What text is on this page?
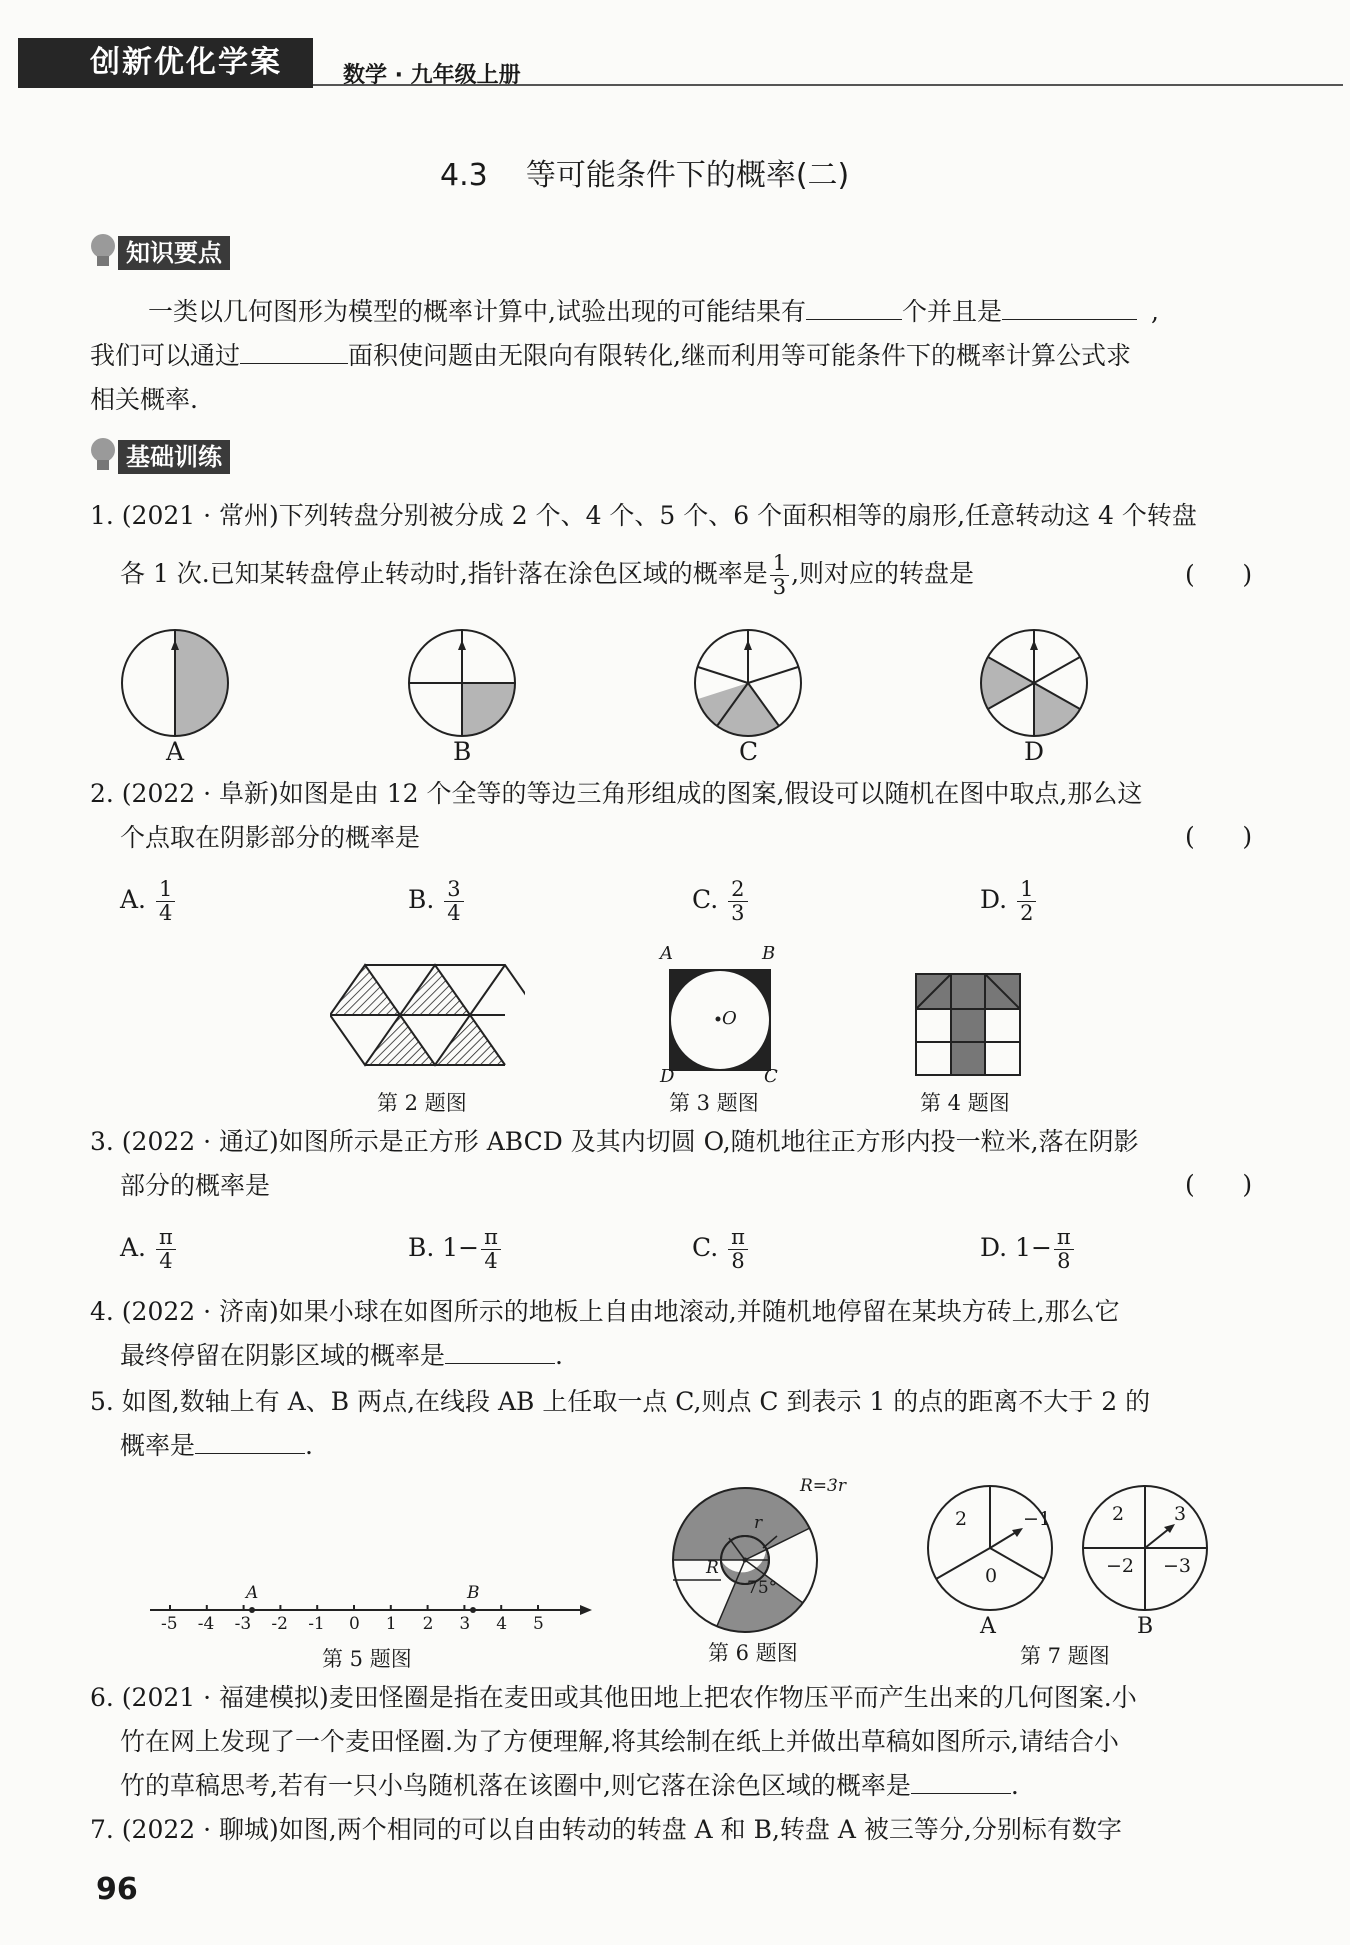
创新优化学案	数学 · 九年级上册
4.3    等可能条件下的概率(二)
知识要点
一类以几何图形为模型的概率计算中,试验出现的可能结果有	个并且是	,
我们可以通过	面积使问题由无限向有限转化,继而利用等可能条件下的概率计算公式求
相关概率.
基础训练
1. (2021 · 常州)下列转盘分别被分成 2 个、4 个、5 个、6 个面积相等的扇形,任意转动这 4 个转盘
各 1 次.已知某转盘停止转动时,指针落在涂色区域的概率是 $\frac{1}{3}$ ,则对应的转盘是	(      )
A	B	C	D
2. (2022 · 阜新)如图是由 12 个全等的等边三角形组成的图案,假设可以随机在图中取点,那么这
个点取在阴影部分的概率是	(      )
A. $\frac{1}{4}$	B. $\frac{3}{4}$	C. $\frac{2}{3}$	D. $\frac{1}{2}$
A	B
D	C
O
第 2 题图	第 3 题图	第 4 题图
3. (2022 · 通辽)如图所示是正方形 ABCD 及其内切圆 O,随机地往正方形内投一粒米,落在阴影
部分的概率是	(      )
A. $\frac{\pi}{4}$	B. $1- \frac{\pi}{4}$	C. $\frac{\pi}{8}$	D. $1- \frac{\pi}{8}$
4. (2022 · 济南)如果小球在如图所示的地板上自由地滚动,并随机地停留在某块方砖上,那么它
最终停留在阴影区域的概率是	.
5. 如图,数轴上有 A、B 两点,在线段 AB 上任取一点 C,则点 C 到表示 1 的点的距离不大于 2 的
概率是	.
-5 -4 -3 -2 -1 0 1 2 3 4 5
A	B
第 5 题图
R=3r
r
R
75°
第 6 题图
2	−1
0
2	3
−2 −3
A	B
第 7 题图
6. (2021 · 福建模拟)麦田怪圈是指在麦田或其他田地上把农作物压平而产生出来的几何图案.小
竹在网上发现了一个麦田怪圈.为了方便理解,将其绘制在纸上并做出草稿如图所示,请结合小
竹的草稿思考,若有一只小鸟随机落在该圈中,则它落在涂色区域的概率是	.
7. (2022 · 聊城)如图,两个相同的可以自由转动的转盘 A 和 B,转盘 A 被三等分,分别标有数字
96
